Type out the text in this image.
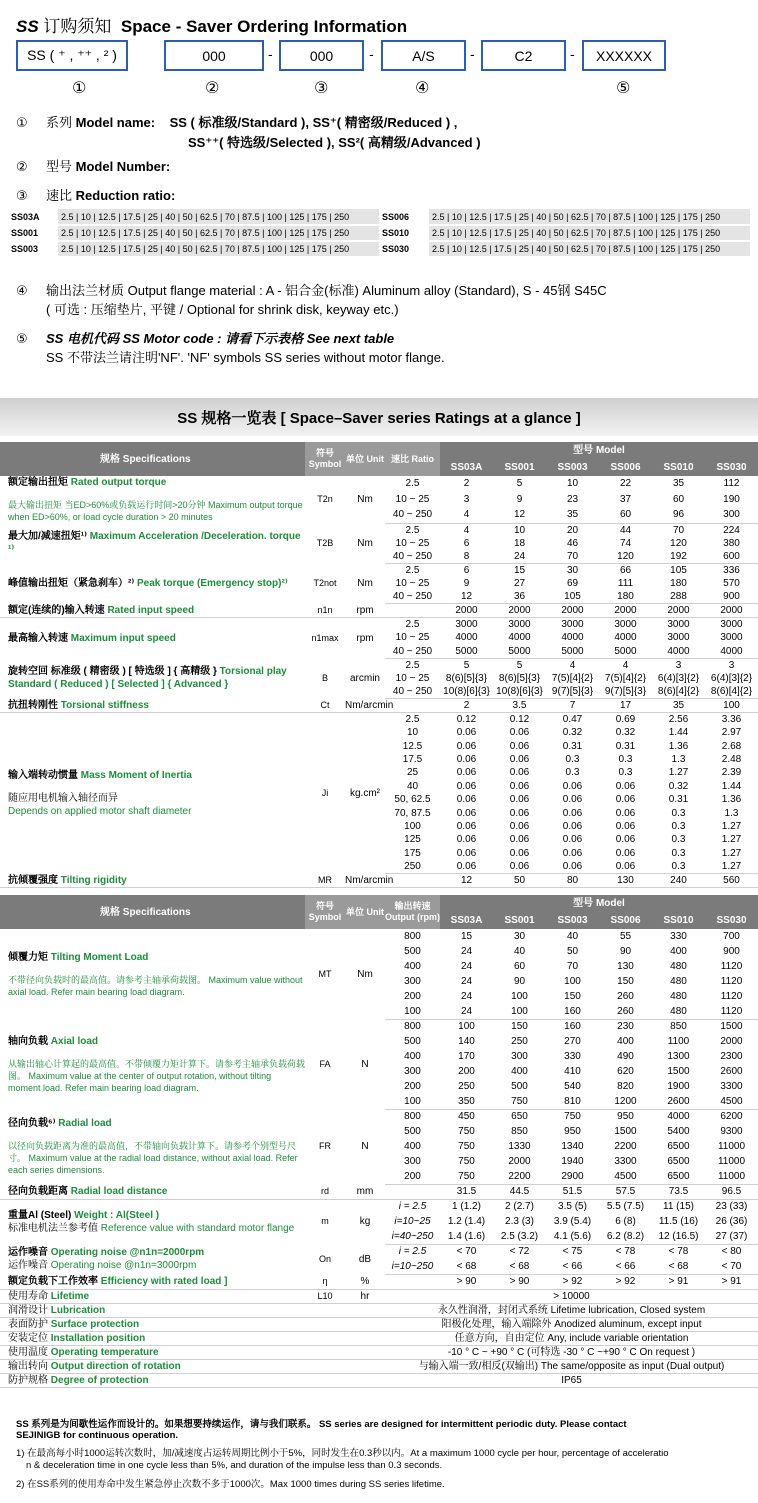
SS 订购须知 Space - Saver Ordering Information
SS ( ⁺ , ⁺⁺ , ² )	000	000	A/S	C2	XXXXXX
-	-	-	-
①	②	③	④	⑤
① 系列 Model name: SS ( 标准级/Standard ), SS⁺( 精密级/Reduced ) ,
SS⁺⁺( 特选级/Selected ), SS²( 高精级/Advanced )
② 型号 Model Number:
③ 速比 Reduction ratio:
SS03A	2.5 | 10 | 12.5 | 17.5 | 25 | 40 | 50 | 62.5 | 70 | 87.5 | 100 | 125 | 175 | 250	SS006	2.5 | 10 | 12.5 | 17.5 | 25 | 40 | 50 | 62.5 | 70 | 87.5 | 100 | 125 | 175 | 250
SS001	2.5 | 10 | 12.5 | 17.5 | 25 | 40 | 50 | 62.5 | 70 | 87.5 | 100 | 125 | 175 | 250	SS010	2.5 | 10 | 12.5 | 17.5 | 25 | 40 | 50 | 62.5 | 70 | 87.5 | 100 | 125 | 175 | 250
SS003	2.5 | 10 | 12.5 | 17.5 | 25 | 40 | 50 | 62.5 | 70 | 87.5 | 100 | 125 | 175 | 250	SS030	2.5 | 10 | 12.5 | 17.5 | 25 | 40 | 50 | 62.5 | 70 | 87.5 | 100 | 125 | 175 | 250
④ 输出法兰材质 Output flange material : A - 铝合金(标准) Aluminum alloy (Standard), S - 45钢 S45C
( 可选 : 压缩垫片, 平键 / Optional for shrink disk, keyway etc.)
⑤ SS 电机代码 SS Motor code : 请看下示表格 See next table
SS 不带法兰请注明'NF'. 'NF' symbols SS series without motor flange.
SS 规格一览表 [ Space–Saver series Ratings at a glance ]
规格 Specifications	符号 Symbol	单位 Unit	速比 Ratio	型号 Model					
				SS03A	SS001	SS003	SS006	SS010	SS030
额定输出扭矩 Rated output torque
最大输出扭矩 当ED>60%或负载运行时间>20分钟 Maximum output torque when ED>60%, or load cycle duration > 20 minutes	T2n	Nm	2.5	2	5	10	22	35	112
			10 ~ 25	3	9	23	37	60	190
			40 ~ 250	4	12	35	60	96	300
最大加/减速扭矩¹⁾ Maximum Acceleration /Deceleration. torque ¹⁾	T2B	Nm	2.5	4	10	20	44	70	224
			10 ~ 25	6	18	46	74	120	380
			40 ~ 250	8	24	70	120	192	600
峰值输出扭矩（紧急刹车）²⁾ Peak torque (Emergency stop)²⁾	T2not	Nm	2.5	6	15	30	66	105	336
			10 ~ 25	9	27	69	111	180	570
			40 ~ 250	12	36	105	180	288	900
额定(连续的)输入转速 Rated input speed	n1n	rpm		2000	2000	2000	2000	2000	2000
最高输入转速 Maximum input speed	n1max	rpm	2.5	3000	3000	3000	3000	3000	3000
			10 ~ 25	4000	4000	4000	4000	3000	3000
			40 ~ 250	5000	5000	5000	5000	4000	4000
旋转空回 标准级 ( 精密级 ) [ 特选级 ] { 高精级 } Torsional play Standard ( Reduced ) [ Selected ] { Advanced }	B	arcmin	2.5	5	5	4	4	3	3
			10 ~ 25	8(6)[5]{3}	8(6)[5]{3}	7(5)[4]{2}	7(5)[4]{2}	6(4)[3]{2}	6(4)[3]{2}
			40 ~ 250	10(8)[6]{3}	10(8)[6]{3}	9(7)[5]{3}	9(7)[5]{3}	8(6)[4]{2}	8(6)[4]{2}
抗扭转刚性 Torsional stiffness	Ct	Nm/arcmin		2	3.5	7	17	35	100
输入端转动惯量 Mass Moment of Inertia
随应用电机输入轴径而异
Depends on applied motor shaft diameter	Ji	kg.cm²	2.5	0.12	0.12	0.47	0.69	2.56	3.36
			10	0.06	0.06	0.32	0.32	1.44	2.97
			12.5	0.06	0.06	0.31	0.31	1.36	2.68
			17.5	0.06	0.06	0.3	0.3	1.3	2.48
			25	0.06	0.06	0.3	0.3	1.27	2.39
			40	0.06	0.06	0.06	0.06	0.32	1.44
			50, 62.5	0.06	0.06	0.06	0.06	0.31	1.36
			70, 87.5	0.06	0.06	0.06	0.06	0.3	1.3
			100	0.06	0.06	0.06	0.06	0.3	1.27
			125	0.06	0.06	0.06	0.06	0.3	1.27
			175	0.06	0.06	0.06	0.06	0.3	1.27
			250	0.06	0.06	0.06	0.06	0.3	1.27
抗倾覆强度 Tilting rigidity	MR	Nm/arcmin		12	50	80	130	240	560
规格 Specifications	符号 Symbol	单位 Unit	输出转速 Output (rpm)	型号 Model					
				SS03A	SS001	SS003	SS006	SS010	SS030
倾覆力矩 Tilting Moment Load
不带径向负载时的最高值。请参考主轴承荷载图。 Maximum value without axial load. Refer main bearing load diagram.	MT	Nm	800	15	30	40	55	330	700
			500	24	40	50	90	400	900
			400	24	60	70	130	480	1120
			300	24	90	100	150	480	1120
			200	24	100	150	260	480	1120
			100	24	100	160	260	480	1120
轴向负载 Axial load
从输出轴心计算起的最高值。不带倾覆力矩计算下。请参考主轴承负载荷载图。 Maximum value at the center of output rotation, without tilting moment load. Refer main bearing load diagram.	FA	N	800	100	150	160	230	850	1500
			500	140	250	270	400	1100	2000
			400	170	300	330	490	1300	2300
			300	200	400	410	620	1500	2600
			200	250	500	540	820	1900	3300
			100	350	750	810	1200	2600	4500
径向负载⁶⁾ Radial load
以径向负载距离为准的最高值，不带轴向负载计算下。请参考个别型号尺寸。 Maximum value at the radial load distance, without axial load. Refer each series dimensions.	FR	N	800	450	650	750	950	4000	6200
			500	750	850	950	1500	5400	9300
			400	750	1330	1340	2200	6500	11000
			300	750	2000	1940	3300	6500	11000
			200	750	2200	2900	4500	6500	11000
径向负载距离 Radial load distance	rd	mm		31.5	44.5	51.5	57.5	73.5	96.5
重量Al (Steel) Weight : Al(Steel )
标准电机法兰参考值 Reference value with standard motor flange	m	kg	i = 2.5	1 (1.2)	2 (2.7)	3.5 (5)	5.5 (7.5)	11 (15)	23 (33)
			i=10~25	1.2 (1.4)	2.3 (3)	3.9 (5.4)	6 (8)	11.5 (16)	26 (36)
			i=40~250	1.4 (1.6)	2.5 (3.2)	4.1 (5.6)	6.2 (8.2)	12 (16.5)	27 (37)
运作噪音 Operating noise @n1n=2000rpm
运作噪音 Operating noise @n1n=3000rpm	On	dB	i = 2.5	< 70	< 72	< 75	< 78	< 78	< 80
			i=10~250	< 68	< 68	< 66	< 66	< 68	< 70
额定负载下工作效率 Efficiency with rated load ]	η	%		> 90	> 90	> 92	> 92	> 91	> 91
使用寿命 Lifetime	L10	hr	> 10000						
润滑设计 Lubrication			永久性润滑，封闭式系统 Lifetime lubrication, Closed system						
表面防护 Surface protection			阳极化处理，输入端除外 Anodized aluminum, except input						
安装定位 Installation position			任意方向，自由定位 Any, include variable orientation						
使用温度 Operating temperature			-10 ° C ~ +90 ° C (可特选 -30 ° C ~+90 ° C On request )						
输出转向 Output direction of rotation			与输入端一致/相反(双输出) The same/opposite as input (Dual output)						
防护规格 Degree of protection			IP65						
SS 系列是为间歇性运作而设计的。如果想要持续运作，请与我们联系。 SS series are designed for intermittent periodic duty. Please contact
SEJINIGB for continuous operation.
1) 在最高每小时1000运转次数时，加/减速度占运转周期比例小于5%，同时发生在0.3秒以内。At a maximum 1000 cycle per hour, percentage of acceleratio
n & deceleration time in one cycle less than 5%, and duration of the impulse less than 0.3 seconds.
2) 在SS系列的使用寿命中发生紧急停止次数不多于1000次。Max 1000 times during SS series lifetime.
